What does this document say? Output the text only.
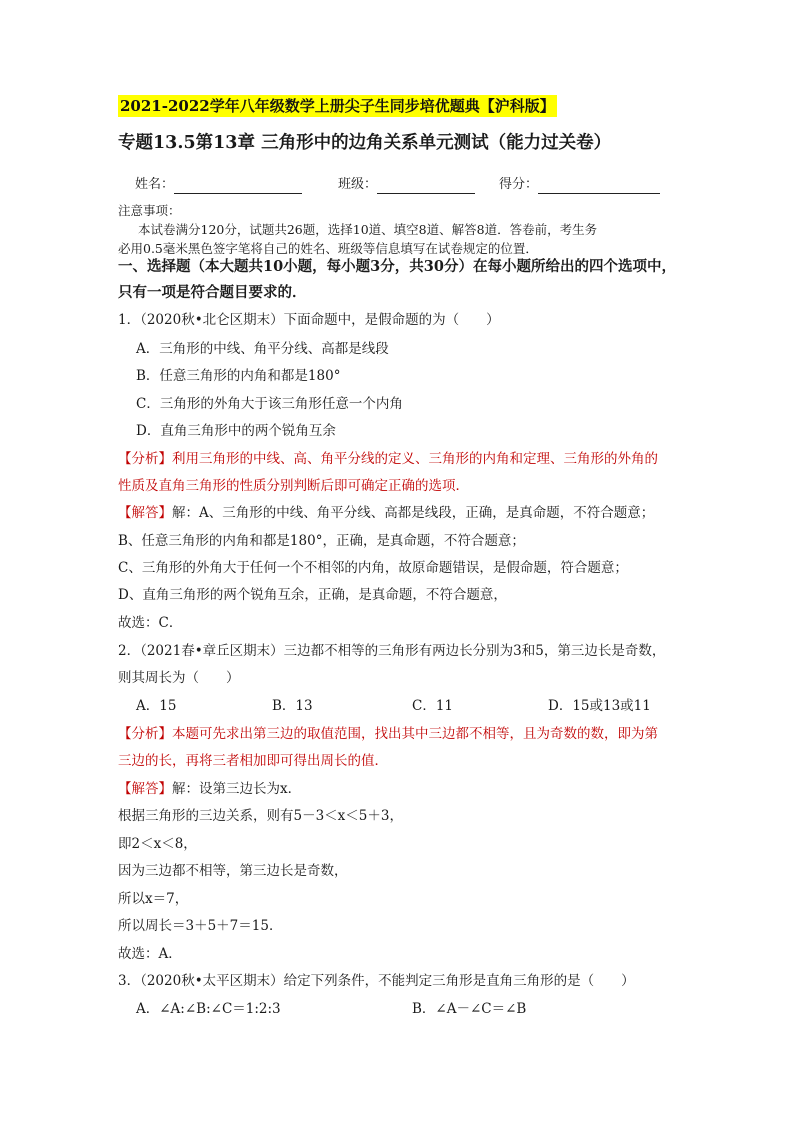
2021-2022学年八年级数学上册尖子生同步培优题典【沪科版】
专题13.5第13章 三角形中的边角关系单元测试（能力过关卷）
姓名：	班级：	得分：
注意事项：
本试卷满分120分，试题共26题，选择10道、填空8道、解答8道．答卷前，考生务
必用0.5毫米黑色签字笔将自己的姓名、班级等信息填写在试卷规定的位置．
一、选择题（本大题共10小题，每小题3分，共30分）在每小题所给出的四个选项中，
只有一项是符合题目要求的．
1．（2020秋•北仑区期末）下面命题中，是假命题的为（　　）
A．三角形的中线、角平分线、高都是线段
B．任意三角形的内角和都是180°
C．三角形的外角大于该三角形任意一个内角
D．直角三角形中的两个锐角互余
【分析】利用三角形的中线、高、角平分线的定义、三角形的内角和定理、三角形的外角的
性质及直角三角形的性质分别判断后即可确定正确的选项．
【解答】解：A、三角形的中线、角平分线、高都是线段，正确，是真命题，不符合题意；
B、任意三角形的内角和都是180°，正确，是真命题，不符合题意；
C、三角形的外角大于任何一个不相邻的内角，故原命题错误，是假命题，符合题意；
D、直角三角形的两个锐角互余，正确，是真命题，不符合题意，
故选：C．
2．（2021春•章丘区期末）三边都不相等的三角形有两边长分别为3和5，第三边长是奇数，
则其周长为（　　）
A．15	B．13	C．11	D．15或13或11
【分析】本题可先求出第三边的取值范围，找出其中三边都不相等，且为奇数的数，即为第
三边的长，再将三者相加即可得出周长的值．
【解答】解：设第三边长为x．
根据三角形的三边关系，则有5－3＜x＜5＋3，
即2＜x＜8，
因为三边都不相等，第三边长是奇数，
所以x＝7，
所以周长＝3＋5＋7＝15．
故选：A．
3．（2020秋•太平区期末）给定下列条件，不能判定三角形是直角三角形的是（　　）
A．∠A:∠B:∠C＝1:2:3	B．∠A－∠C＝∠B
